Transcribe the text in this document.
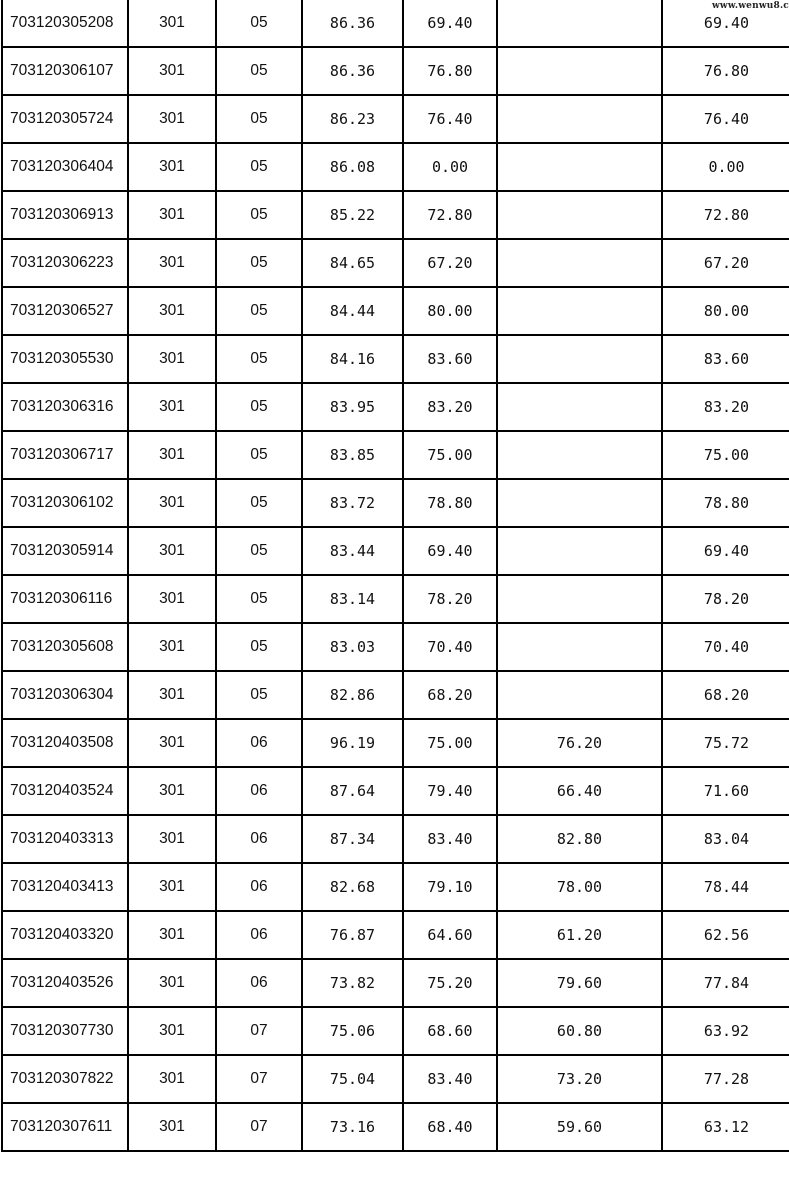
703120305208	301	05	86.36	69.40		69.40
703120306107	301	05	86.36	76.80		76.80
703120305724	301	05	86.23	76.40		76.40
703120306404	301	05	86.08	0.00		0.00
703120306913	301	05	85.22	72.80		72.80
703120306223	301	05	84.65	67.20		67.20
703120306527	301	05	84.44	80.00		80.00
703120305530	301	05	84.16	83.60		83.60
703120306316	301	05	83.95	83.20		83.20
703120306717	301	05	83.85	75.00		75.00
703120306102	301	05	83.72	78.80		78.80
703120305914	301	05	83.44	69.40		69.40
703120306116	301	05	83.14	78.20		78.20
703120305608	301	05	83.03	70.40		70.40
703120306304	301	05	82.86	68.20		68.20
703120403508	301	06	96.19	75.00	76.20	75.72
703120403524	301	06	87.64	79.40	66.40	71.60
703120403313	301	06	87.34	83.40	82.80	83.04
703120403413	301	06	82.68	79.10	78.00	78.44
703120403320	301	06	76.87	64.60	61.20	62.56
703120403526	301	06	73.82	75.20	79.60	77.84
703120307730	301	07	75.06	68.60	60.80	63.92
703120307822	301	07	75.04	83.40	73.20	77.28
703120307611	301	07	73.16	68.40	59.60	63.12
www.wenwu8.c
